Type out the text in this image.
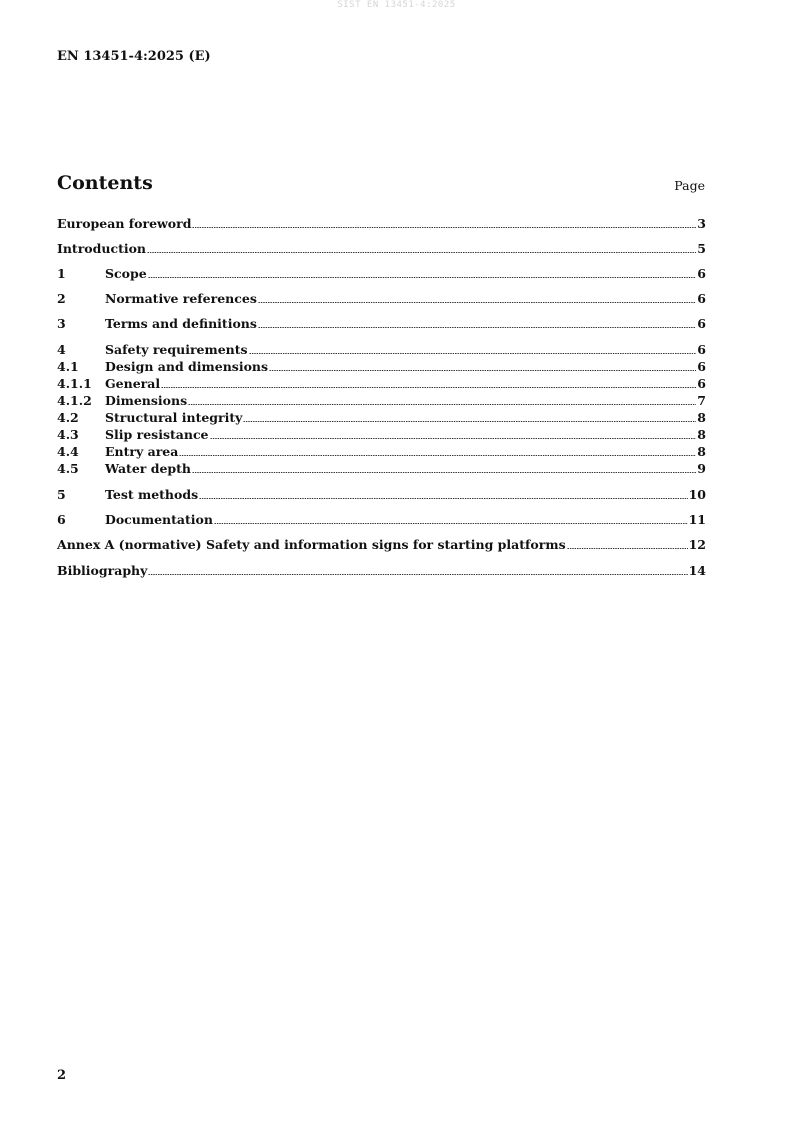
SIST EN 13451-4:2025
EN 13451-4:2025 (E)
Contents	Page
European foreword	3
Introduction	5
1	Scope	6
2	Normative references	6
3	Terms and definitions	6
4	Safety requirements	6
4.1	Design and dimensions	6
4.1.1	General	6
4.1.2	Dimensions	7
4.2	Structural integrity	8
4.3	Slip resistance	8
4.4	Entry area	8
4.5	Water depth	9
5	Test methods	10
6	Documentation	11
Annex A (normative) Safety and information signs for starting platforms	12
Bibliography	14
2
